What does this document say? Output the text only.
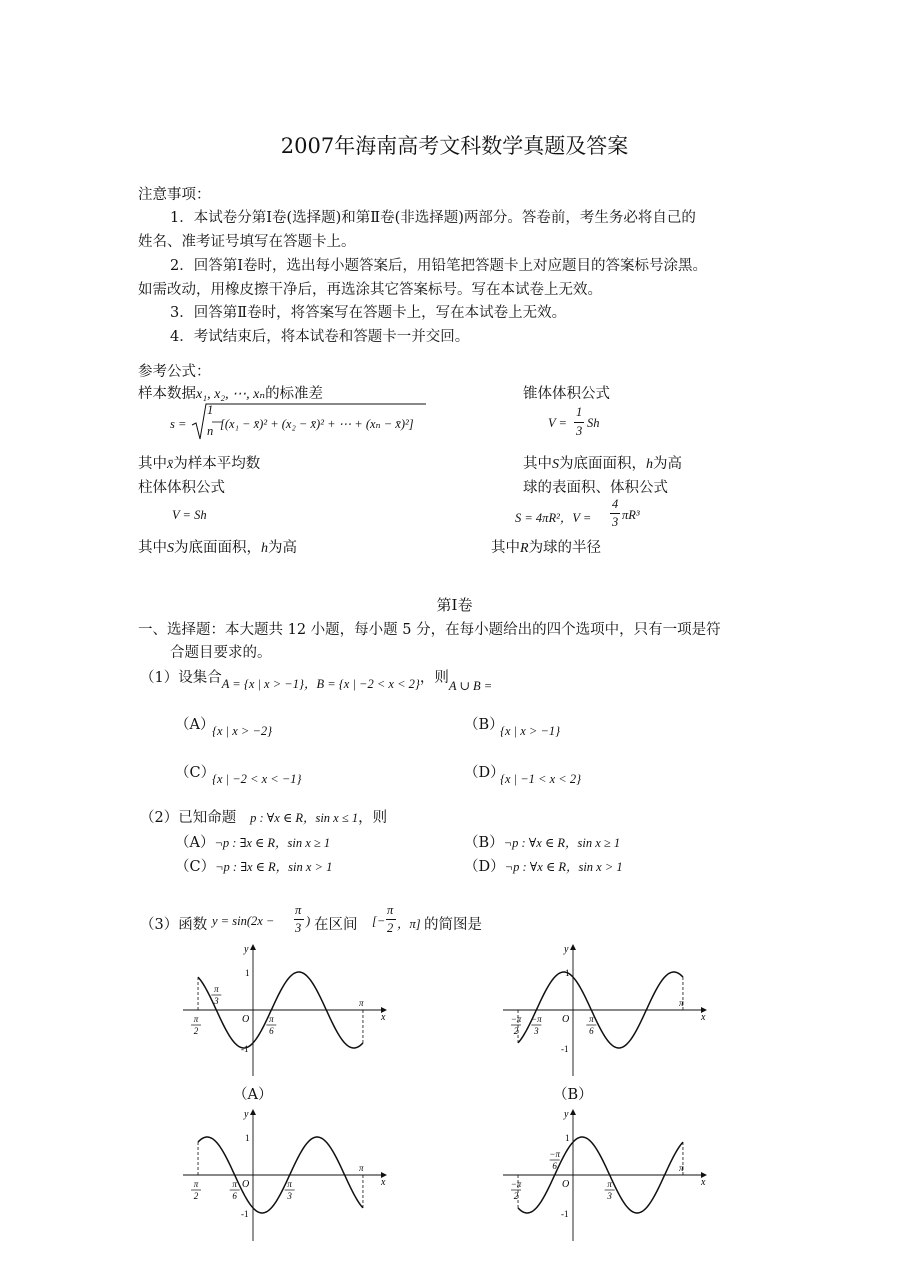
2007年海南高考文科数学真题及答案
注意事项：
1．本试卷分第Ⅰ卷(选择题)和第Ⅱ卷(非选择题)两部分。答卷前，考生务必将自己的
姓名、准考证号填写在答题卡上。
2．回答第Ⅰ卷时，选出每小题答案后，用铅笔把答题卡上对应题目的答案标号涂黑。
如需改动，用橡皮擦干净后，再选涂其它答案标号。写在本试卷上无效。
3．回答第Ⅱ卷时，将答案写在答题卡上，写在本试卷上无效。
4．考试结束后，将本试卷和答题卡一并交回。
参考公式：
样本数据x₁, x₂, ⋯, xₙ的标准差
s =
1
n [(x₁ − x̄)² + (x₂ − x̄)² + ⋯ + (xₙ − x̄)²]
其中x̄为样本平均数
锥体体积公式
V =
1
3
Sh
其中S为底面面积，h为高
柱体体积公式
V = Sh
其中S为底面面积，h为高
球的表面积、体积公式
S = 4πR²，V =
4
3 πR³
其中R为球的半径
第Ⅰ卷
一、选择题：本大题共 12 小题，每小题 5 分，在每小题给出的四个选项中，只有一项是符
合题目要求的。
（1）设集合A = {x | x > −1}，B = {x | −2 < x < 2}，则A ∪ B =
（A）
{x | x > −2}	（B）
{x | x > −1}
（C）
{x | −2 < x < −1}	（D）
{x | −1 < x < 2}
（2）已知命题 p : ∀x ∈ R，sin x ≤ 1，则
（A）¬p : ∃x ∈ R，sin x ≥ 1	（B）¬p : ∀x ∈ R，sin x ≥ 1
（C）¬p : ∃x ∈ R，sin x > 1	（D）¬p : ∀x ∈ R，sin x > 1
（3）函数 y = sin(2x −
π
3 ) 在区间 [−
π
2 ，π] 的简图是
y
x
O
1
-1
π
2
π
π
3
π
6
y
x
O
1
-1
−π
2
π
−π
3
π
6
y
x
O
1
-1
π
2
π
π
6
π
3
y
x
O
1
-1
−π
2
π
−π
6
π
3
（A）	（B）
